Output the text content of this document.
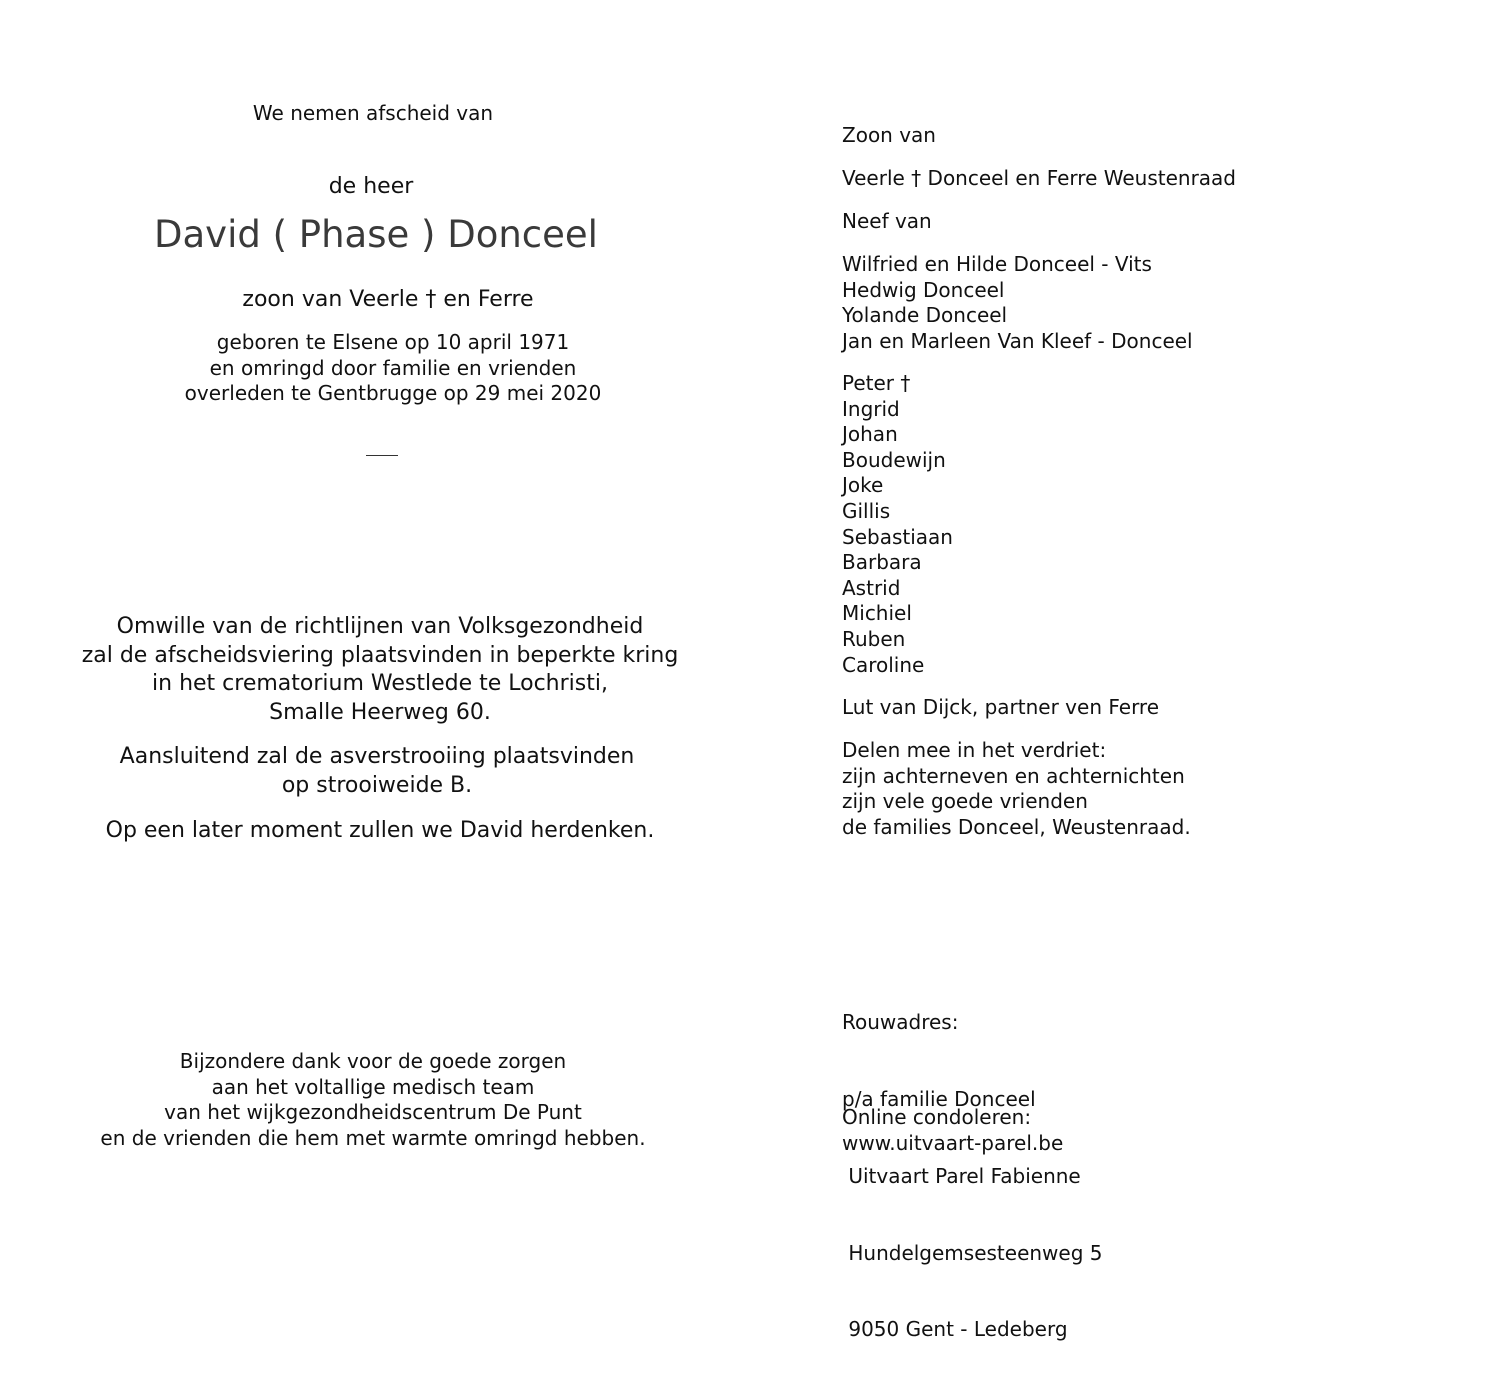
We nemen afscheid van
de heer
David ( Phase ) Donceel
zoon van Veerle † en Ferre
geboren te Elsene op 10 april 1971
en omringd door familie en vrienden
overleden te Gentbrugge op 29 mei 2020
Omwille van de richtlijnen van Volksgezondheid
zal de afscheidsviering plaatsvinden in beperkte kring
in het crematorium Westlede te Lochristi,
Smalle Heerweg 60.
Aansluitend zal de asverstrooiing plaatsvinden
op strooiweide B.
Op een later moment zullen we David herdenken.
Bijzondere dank voor de goede zorgen
aan het voltallige medisch team
van het wijkgezondheidscentrum De Punt
en de vrienden die hem met warmte omringd hebben.
Zoon van
Veerle † Donceel en Ferre Weustenraad
Neef van
Wilfried en Hilde Donceel - Vits
Hedwig Donceel
Yolande Donceel
Jan en Marleen Van Kleef - Donceel
Peter †
Ingrid
Johan
Boudewijn
Joke
Gillis
Sebastiaan
Barbara
Astrid
Michiel
Ruben
Caroline
Lut van Dijck, partner ven Ferre
Delen mee in het verdriet:
zijn achterneven en achternichten
zijn vele goede vrienden
de families Donceel, Weustenraad.

Rouwadres:

p/a familie Donceel

Uitvaart Parel Fabienne

Hundelgemsesteenweg 5

9050 Gent - Ledeberg

Online condoleren:
www.uitvaart-parel.be
